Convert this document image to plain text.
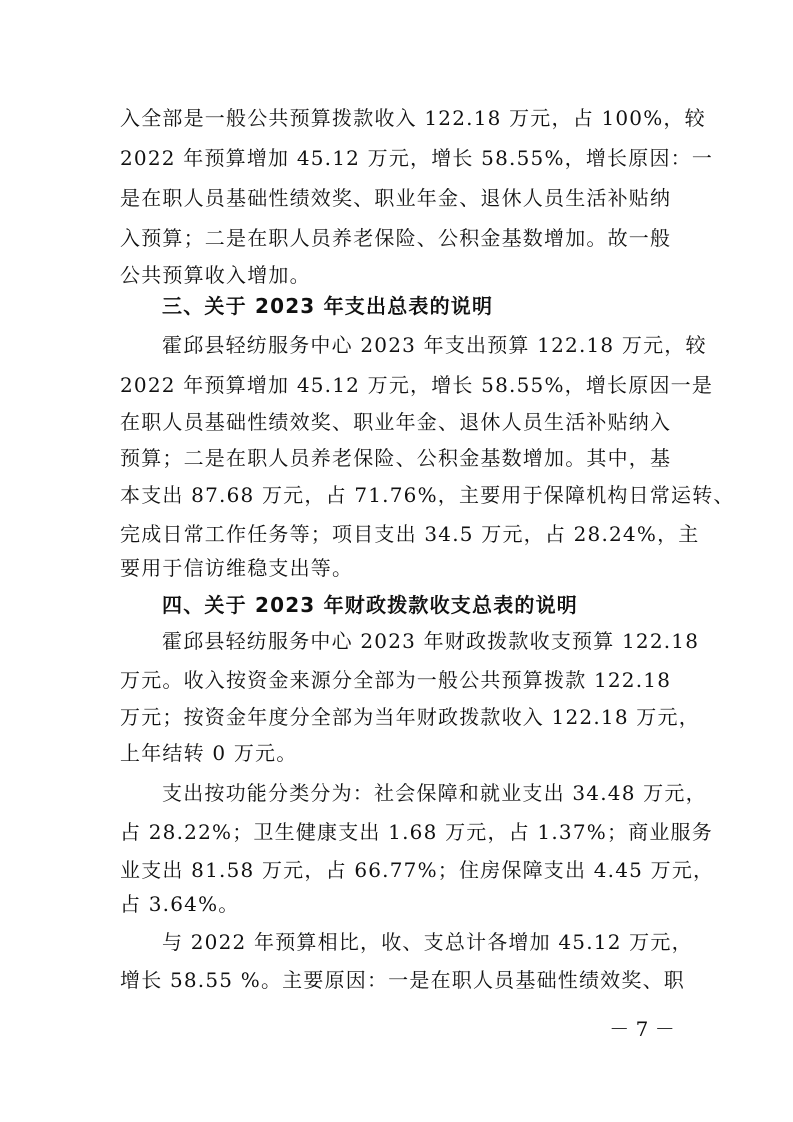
入全部是一般公共预算拨款收入 122.18 万元，占 100%，较
2022 年预算增加 45.12 万元，增长 58.55%，增长原因：一
是在职人员基础性绩效奖、职业年金、退休人员生活补贴纳
入预算；二是在职人员养老保险、公积金基数增加。故一般
公共预算收入增加。
三、关于 2023 年支出总表的说明
霍邱县轻纺服务中心 2023 年支出预算 122.18 万元，较
2022 年预算增加 45.12 万元，增长 58.55%，增长原因一是
在职人员基础性绩效奖、职业年金、退休人员生活补贴纳入
预算；二是在职人员养老保险、公积金基数增加。其中，基
本支出 87.68 万元，占 71.76%，主要用于保障机构日常运转、
完成日常工作任务等；项目支出 34.5 万元，占 28.24%，主
要用于信访维稳支出等。
四、关于 2023 年财政拨款收支总表的说明
霍邱县轻纺服务中心 2023 年财政拨款收支预算 122.18
万元。收入按资金来源分全部为一般公共预算拨款 122.18
万元；按资金年度分全部为当年财政拨款收入 122.18 万元，
上年结转 0 万元。
支出按功能分类分为：社会保障和就业支出 34.48 万元，
占 28.22%；卫生健康支出 1.68 万元，占 1.37%；商业服务
业支出 81.58 万元，占 66.77%；住房保障支出 4.45 万元，
占 3.64%。
与 2022 年预算相比，收、支总计各增加 45.12 万元，
增长 58.55 %。主要原因：一是在职人员基础性绩效奖、职
－ 7 －
